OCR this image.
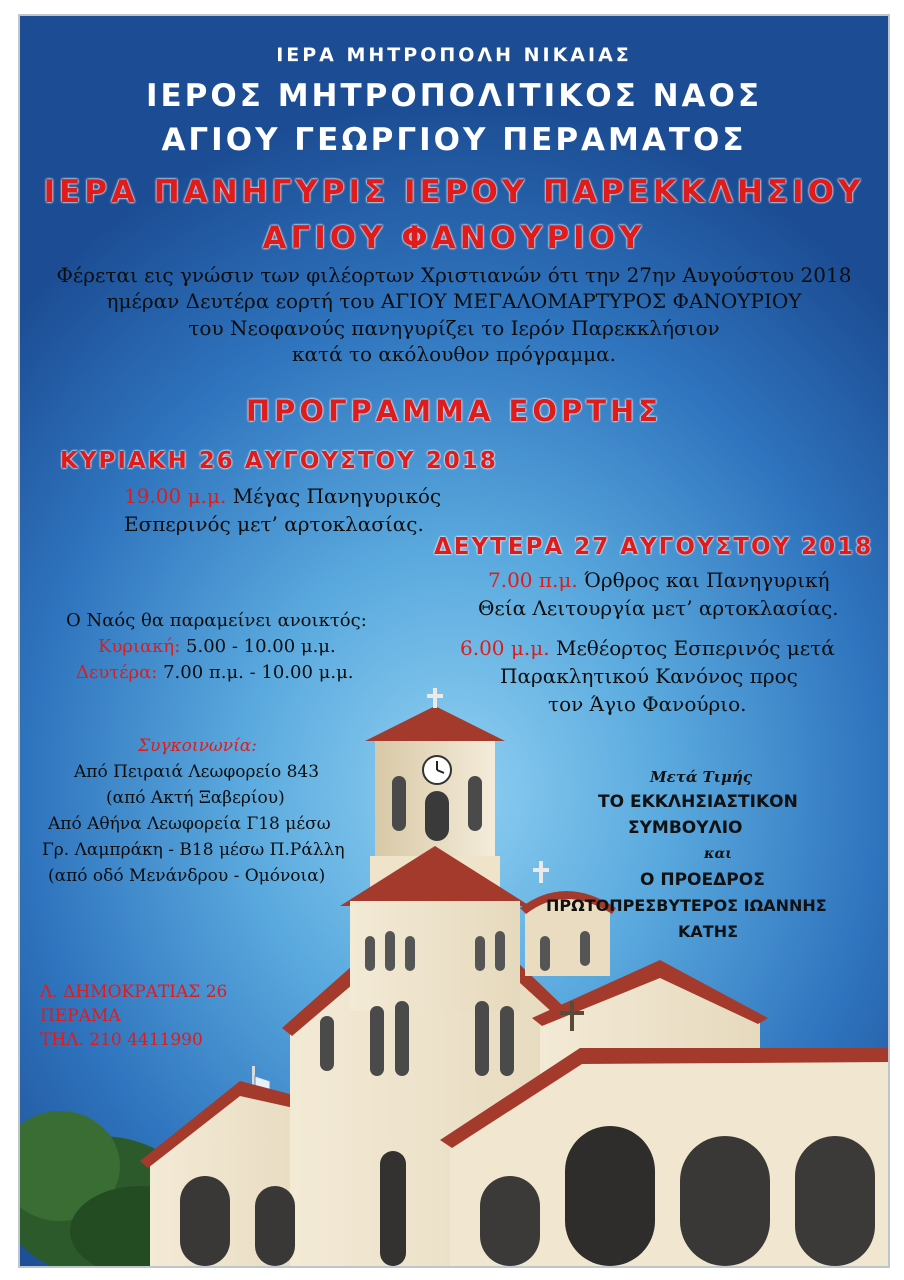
ΙΕΡΑ ΜΗΤΡΟΠΟΛΗ ΝΙΚΑΙΑΣ

ΙΕΡΟΣ ΜΗΤΡΟΠΟΛΙΤΙΚΟΣ ΝΑΟΣ

ΑΓΙΟΥ ΓΕΩΡΓΙΟΥ ΠΕΡΑΜΑΤΟΣ

ΙΕΡΑ ΠΑΝΗΓΥΡΙΣ ΙΕΡΟΥ ΠΑΡΕΚΚΛΗΣΙΟΥ

ΑΓΙΟΥ ΦΑΝΟΥΡΙΟΥ

Φέρεται εις γνώσιν των φιλέορτων Χριστιανών ότι την 27ην Αυγούστου 2018

ημέραν Δευτέρα εορτή του ΑΓΙΟΥ ΜΕΓΑΛΟΜΑΡΤΥΡΟΣ ΦΑΝΟΥΡΙΟΥ

του Νεοφανούς πανηγυρίζει το Ιερόν Παρεκκλήσιον

κατά το ακόλουθον πρόγραμμα.

ΠΡΟΓΡΑΜΜΑ ΕΟΡΤΗΣ

ΚΥΡΙΑΚΗ 26 ΑΥΓΟΥΣΤΟΥ 2018

19.00 μ.μ. Μέγας Πανηγυρικός

Εσπερινός μετ’ αρτοκλασίας.

ΔΕΥΤΕΡΑ 27 ΑΥΓΟΥΣΤΟΥ 2018

7.00 π.μ. Όρθρος και Πανηγυρική

Θεία Λειτουργία μετ’ αρτοκλασίας.

6.00 μ.μ. Μεθέορτος Εσπερινός μετά

Παρακλητικού Κανόνος προς

τον Άγιο Φανούριο.

Ο Ναός θα παραμείνει ανοικτός:

Κυριακή: 5.00 - 10.00 μ.μ.

Δευτέρα: 7.00 π.μ. - 10.00 μ.μ.

Συγκοινωνία:

Από Πειραιά Λεωφορείο 843

(από Ακτή Ξαβερίου)

Από Αθήνα Λεωφορεία Γ18 μέσω

Γρ. Λαμπράκη - Β18 μέσω Π.Ράλλη

(από οδό Μενάνδρου - Ομόνοια)

Μετά Τιμής

ΤΟ ΕΚΚΛΗΣΙΑΣΤΙΚΟΝ

ΣΥΜΒΟΥΛΙΟ

και

Ο ΠΡΟΕΔΡΟΣ

ΠΡΩΤΟΠΡΕΣΒΥΤΕΡΟΣ ΙΩΑΝΝΗΣ

ΚΑΤΗΣ

Λ. ΔΗΜΟΚΡΑΤΙΑΣ 26

ΠΕΡΑΜΑ

ΤΗΛ. 210 4411990
